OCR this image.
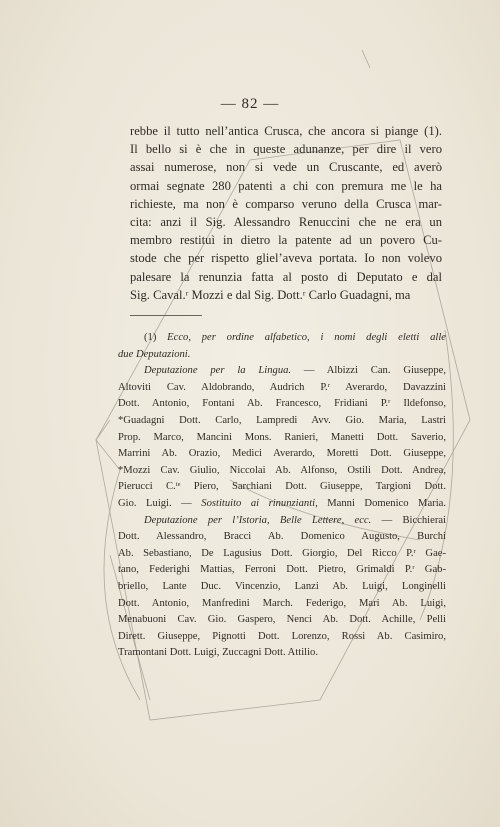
— 82 —
rebbe il tutto nell’antica Crusca, che ancora si piange (1).
Il bello si è che in queste adunanze, per dire il vero
assai numerose, non si vede un Cruscante, ed averò
ormai segnate 280 patenti a chi con premura me le ha
richieste, ma non è comparso veruno della Crusca mar-
cita: anzi il Sig. Alessandro Renuccini che ne era un
membro restituì in dietro la patente ad un povero Cu-
stode che per rispetto gliel’aveva portata. Io non volevo
palesare la renunzia fatta al posto di Deputato e dal
Sig. Caval.ʳ Mozzi e dal Sig. Dott.ʳ Carlo Guadagni, ma
(1) Ecco, per ordine alfabetico, i nomi degli eletti alle
due Deputazioni.
Deputazione per la Lingua. — Albizzi Can. Giuseppe,
Altoviti Cav. Aldobrando, Audrich P.ʳ Averardo, Davazzini
Dott. Antonio, Fontani Ab. Francesco, Fridiani P.ʳ Ildefonso,
*Guadagni Dott. Carlo, Lampredi Avv. Gio. Maria, Lastri
Prop. Marco, Mancini Mons. Ranieri, Manetti Dott. Saverio,
Marrini Ab. Orazio, Medici Averardo, Moretti Dott. Giuseppe,
*Mozzi Cav. Giulio, Niccolai Ab. Alfonso, Ostili Dott. Andrea,
Pierucci C.ᵗᵉ Piero, Sarchiani Dott. Giuseppe, Targioni Dott.
Gio. Luigi. — Sostituito ai rinunzianti, Manni Domenico Maria.
Deputazione per l’Istoria, Belle Lettere, ecc. — Bicchierai
Dott. Alessandro, Bracci Ab. Domenico Augusto, Burchi
Ab. Sebastiano, De Lagusius Dott. Giorgio, Del Ricco P.ʳ Gae-
tano, Federighi Mattias, Ferroni Dott. Pietro, Grimaldi P.ʳ Gab-
briello, Lante Duc. Vincenzio, Lanzi Ab. Luigi, Longinelli
Dott. Antonio, Manfredini March. Federigo, Mari Ab. Luigi,
Menabuoni Cav. Gio. Gaspero, Nenci Ab. Dott. Achille, Pelli
Dirett. Giuseppe, Pignotti Dott. Lorenzo, Rossi Ab. Casimiro,
Tramontani Dott. Luigi, Zuccagni Dott. Attilio.
